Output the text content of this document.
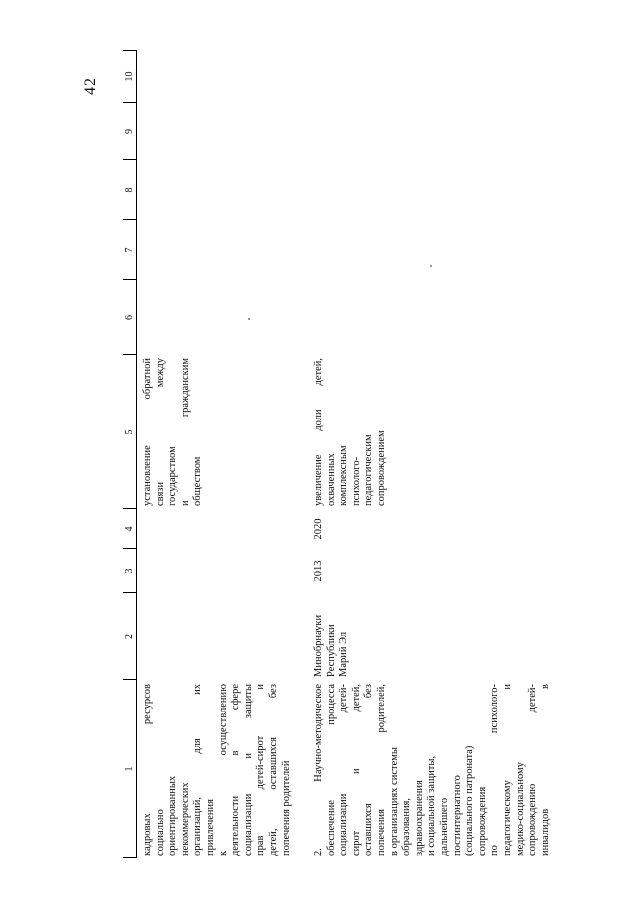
42
1
2
3
4
5
6
7
8
9
10
кадровых ресурсов социально ориентированных некоммерческих организаций, для их привлечения к осуществлению деятельности в сфере социализации и защиты прав детей-сирот и детей, оставшихся без попечения родителей
установление обратной связи между государством и гражданским обществом
2. Научно-методическое обеспечение процесса социализации детей- сирот и детей, оставшихся без попечения родителей, в организациях системы образования, здравоохранения и социальной защиты, дальнейшего постинтернатного (социального патроната) сопровождения по психолого- педагогическому и медико-социальному сопровождению детей- инвалидов в
Минобрнауки Республики Марий Эл
2013
2020
увеличение доли детей, охваченных комплексным психолого- педагогическим сопровождением
